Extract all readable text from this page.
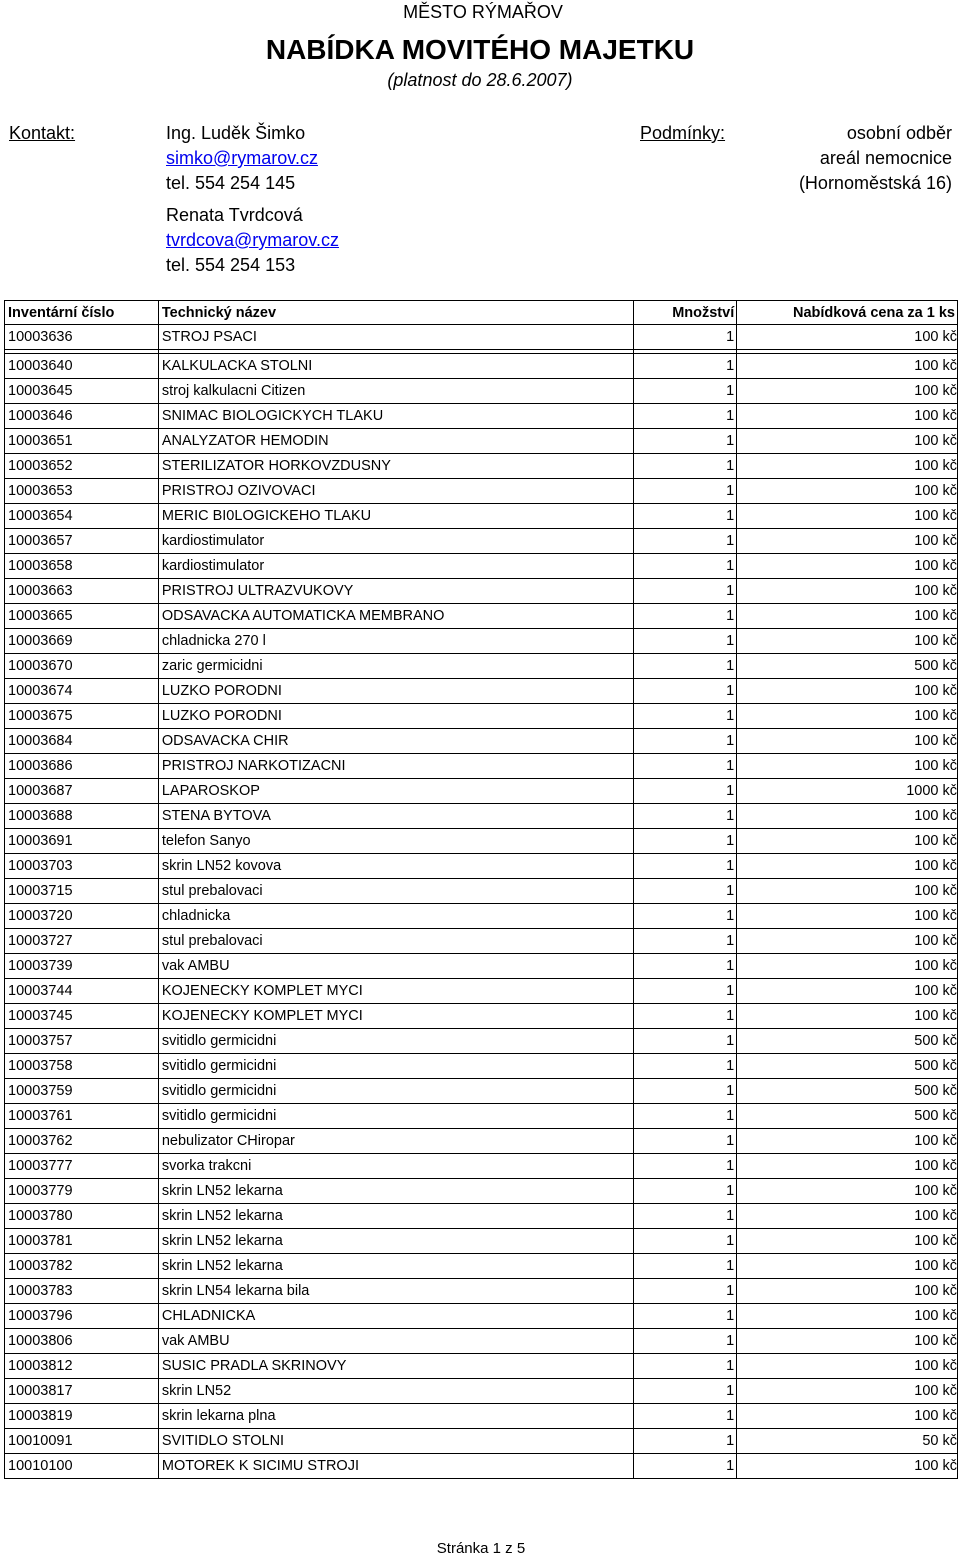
MĚSTO RÝMAŘOV
NABÍDKA MOVITÉHO MAJETKU
(platnost do 28.6.2007)
Kontakt:	Ing. Luděk Šimko
simko@rymarov.cz
tel. 554 254 145
Renata Tvrdcová
tvrdcova@rymarov.cz
tel. 554 254 153
Podmínky:	osobní odběr
areál nemocnice
(Hornoměstská 16)
Inventární číslo	Technický název	Množství	Nabídková cena za 1 ks
10003636	STROJ PSACI	1	100 kč

10003640	KALKULACKA STOLNI	1	100 kč
10003645	stroj kalkulacni Citizen	1	100 kč
10003646	SNIMAC BIOLOGICKYCH TLAKU	1	100 kč
10003651	ANALYZATOR HEMODIN	1	100 kč
10003652	STERILIZATOR HORKOVZDUSNY	1	100 kč
10003653	PRISTROJ OZIVOVACI	1	100 kč
10003654	MERIC BI0LOGICKEHO TLAKU	1	100 kč
10003657	kardiostimulator	1	100 kč
10003658	kardiostimulator	1	100 kč
10003663	PRISTROJ ULTRAZVUKOVY	1	100 kč
10003665	ODSAVACKA AUTOMATICKA MEMBRANO	1	100 kč
10003669	chladnicka 270 l	1	100 kč
10003670	zaric germicidni	1	500 kč
10003674	LUZKO PORODNI	1	100 kč
10003675	LUZKO PORODNI	1	100 kč
10003684	ODSAVACKA CHIR	1	100 kč
10003686	PRISTROJ NARKOTIZACNI	1	100 kč
10003687	LAPAROSKOP	1	1000 kč
10003688	STENA BYTOVA	1	100 kč
10003691	telefon Sanyo	1	100 kč
10003703	skrin LN52 kovova	1	100 kč
10003715	stul prebalovaci	1	100 kč
10003720	chladnicka	1	100 kč
10003727	stul prebalovaci	1	100 kč
10003739	vak AMBU	1	100 kč
10003744	KOJENECKY KOMPLET MYCI	1	100 kč
10003745	KOJENECKY KOMPLET MYCI	1	100 kč
10003757	svitidlo germicidni	1	500 kč
10003758	svitidlo germicidni	1	500 kč
10003759	svitidlo germicidni	1	500 kč
10003761	svitidlo germicidni	1	500 kč
10003762	nebulizator CHiropar	1	100 kč
10003777	svorka trakcni	1	100 kč
10003779	skrin LN52 lekarna	1	100 kč
10003780	skrin LN52 lekarna	1	100 kč
10003781	skrin LN52 lekarna	1	100 kč
10003782	skrin LN52 lekarna	1	100 kč
10003783	skrin LN54 lekarna bila	1	100 kč
10003796	CHLADNICKA	1	100 kč
10003806	vak AMBU	1	100 kč
10003812	SUSIC PRADLA SKRINOVY	1	100 kč
10003817	skrin LN52	1	100 kč
10003819	skrin lekarna plna	1	100 kč
10010091	SVITIDLO STOLNI	1	50 kč
10010100	MOTOREK K SICIMU STROJI	1	100 kč
Stránka 1 z 5
